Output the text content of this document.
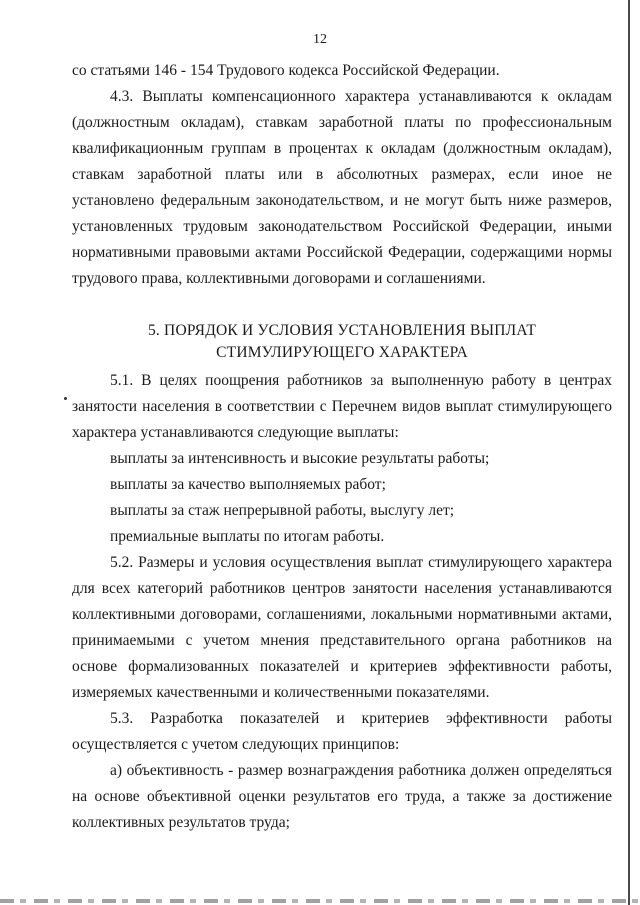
12

со статьями 146 - 154 Трудового кодекса Российской Федерации.

4.3. Выплаты компенсационного характера устанавливаются к окладам (должностным окладам), ставкам заработной платы по профессиональным квалификационным группам в процентах к окладам (должностным окладам), ставкам заработной платы или в абсолютных размерах, если иное не установлено федеральным законодательством, и не могут быть ниже размеров, установленных трудовым законодательством Российской Федерации, иными нормативными правовыми актами Российской Федерации, содержащими нормы трудового права, коллективными договорами и соглашениями.

5. ПОРЯДОК И УСЛОВИЯ УСТАНОВЛЕНИЯ ВЫПЛАТ
СТИМУЛИРУЮЩЕГО ХАРАКТЕРА

5.1. В целях поощрения работников за выполненную работу в центрах занятости населения в соответствии с Перечнем видов выплат стимулирующего характера устанавливаются следующие выплаты:

выплаты за интенсивность и высокие результаты работы;

выплаты за качество выполняемых работ;

выплаты за стаж непрерывной работы, выслугу лет;

премиальные выплаты по итогам работы.

5.2. Размеры и условия осуществления выплат стимулирующего характера для всех категорий работников центров занятости населения устанавливаются коллективными договорами, соглашениями, локальными нормативными актами, принимаемыми с учетом мнения представительного органа работников на основе формализованных показателей и критериев эффективности работы, измеряемых качественными и количественными показателями.

5.3. Разработка показателей и критериев эффективности работы осуществляется с учетом следующих принципов:

а) объективность - размер вознаграждения работника должен определяться на основе объективной оценки результатов его труда, а также за достижение коллективных результатов труда;
